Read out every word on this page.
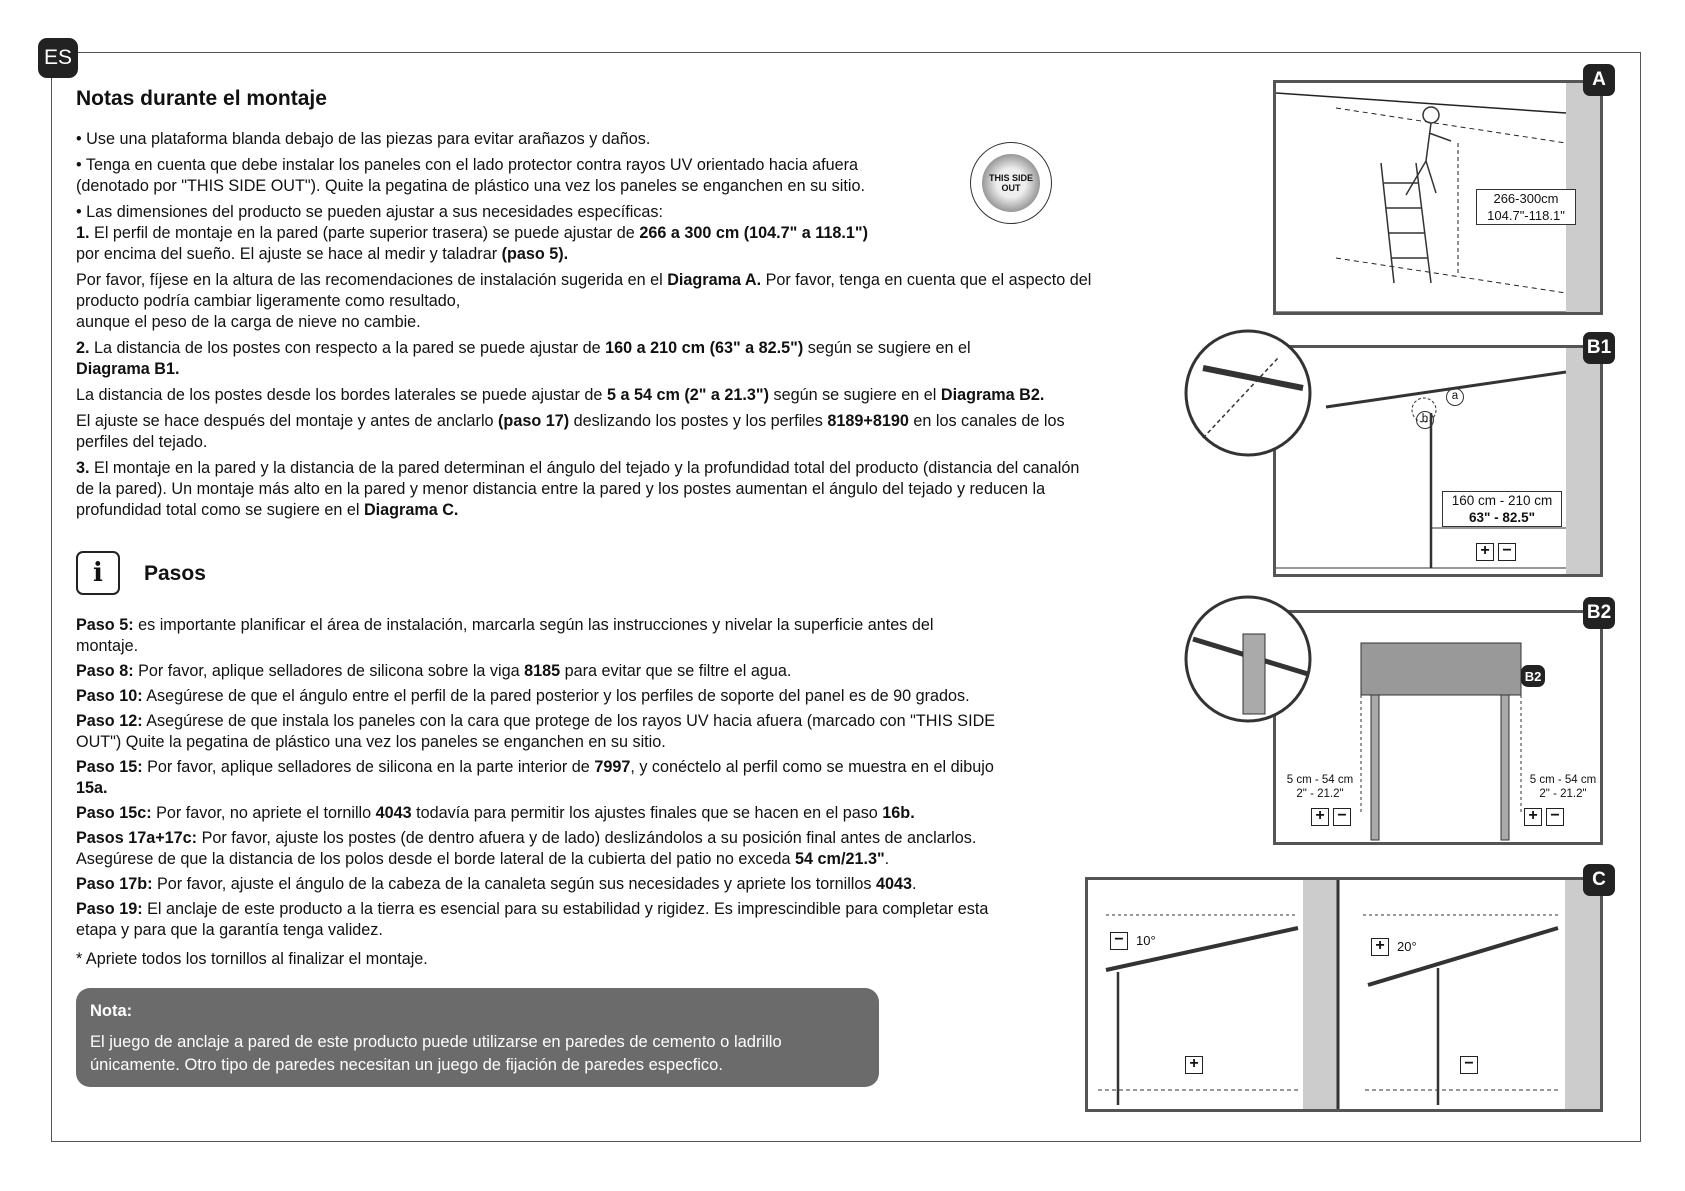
ES
Notas durante el montaje

• Use una plataforma blanda debajo de las piezas para evitar arañazos y daños.

• Tenga en cuenta que debe instalar los paneles con el lado protector contra rayos UV orientado hacia afuera

(denotado por "THIS SIDE OUT"). Quite la pegatina de plástico una vez los paneles se enganchen en su sitio.

• Las dimensiones del producto se pueden ajustar a sus necesidades específicas:

1. El perfil de montaje en la pared (parte superior trasera) se puede ajustar de 266 a 300 cm (104.7" a 118.1")
por encima del sueño. El ajuste se hace al medir y taladrar (paso 5).

Por favor, fíjese en la altura de las recomendaciones de instalación sugerida en el Diagrama A. Por favor, tenga en cuenta que el aspecto del producto podría cambiar ligeramente como resultado,
aunque el peso de la carga de nieve no cambie.

2. La distancia de los postes con respecto a la pared se puede ajustar de 160 a 210 cm (63" a 82.5") según se sugiere en el
Diagrama B1.

La distancia de los postes desde los bordes laterales se puede ajustar de 5 a 54 cm (2" a 21.3") según se sugiere en el Diagrama B2.

El ajuste se hace después del montaje y antes de anclarlo (paso 17) deslizando los postes y los perfiles 8189+8190 en los canales de los perfiles del tejado.

3. El montaje en la pared y la distancia de la pared determinan el ángulo del tejado y la profundidad total del producto (distancia del canalón de la pared). Un montaje más alto en la pared y menor distancia entre la pared y los postes aumentan el ángulo del tejado y reducen la profundidad total como se sugiere en el Diagrama C.

i	Pasos

Paso 5: es importante planificar el área de instalación, marcarla según las instrucciones y nivelar la superficie antes del montaje.

Paso 8: Por favor, aplique selladores de silicona sobre la viga 8185 para evitar que se filtre el agua.

Paso 10: Asegúrese de que el ángulo entre el perfil de la pared posterior y los perfiles de soporte del panel es de 90 grados.

Paso 12: Asegúrese de que instala los paneles con la cara que protege de los rayos UV hacia afuera (marcado con "THIS SIDE OUT") Quite la pegatina de plástico una vez los paneles se enganchen en su sitio.

Paso 15: Por favor, aplique selladores de silicona en la parte interior de 7997, y conéctelo al perfil como se muestra en el dibujo 15a.

Paso 15c: Por favor, no apriete el tornillo 4043 todavía para permitir los ajustes finales que se hacen en el paso 16b.

Pasos 17a+17c: Por favor, ajuste los postes (de dentro afuera y de lado) deslizándolos a su posición final antes de anclarlos. Asegúrese de que la distancia de los polos desde el borde lateral de la cubierta del patio no exceda 54 cm/21.3".

Paso 17b: Por favor, ajuste el ángulo de la cabeza de la canaleta según sus necesidades y apriete los tornillos 4043.

Paso 19: El anclaje de este producto a la tierra es esencial para su estabilidad y rigidez. Es imprescindible para completar esta etapa y para que la garantía tenga validez.

* Apriete todos los tornillos al finalizar el montaje.

Nota:
El juego de anclaje a pared de este producto puede utilizarse en paredes de cemento o ladrillo únicamente. Otro tipo de paredes necesitan un juego de fijación de paredes especfico.
THIS SIDE OUT
266-300cm
104.7"-118.1"
A
b
a
160 cm - 210 cm
63" - 82.5"
+ −
B1
B2
5 cm - 54 cm
2" - 21.2"
5 cm - 54 cm
2" - 21.2"
+ −	+ −
B2
− 10°	+ 20°
+	−
C
